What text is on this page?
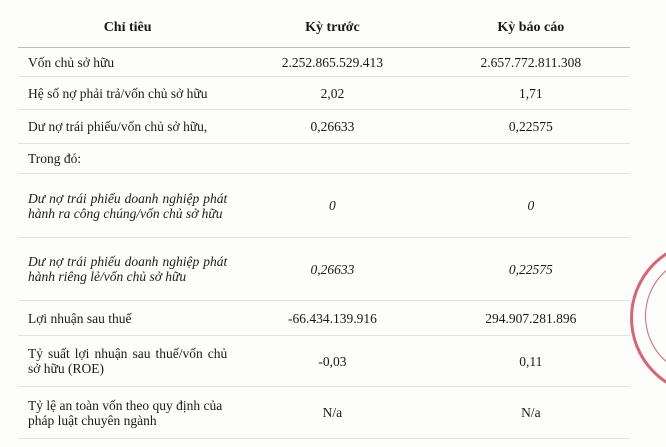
Chỉ tiêu	Kỳ trước	Kỳ báo cáo
Vốn chủ sở hữu	2.252.865.529.413	2.657.772.811.308
Hệ số nợ phải trả/vốn chủ sở hữu	2,02	1,71
Dư nợ trái phiếu/vốn chủ sở hữu,	0,26633	0,22575
Trong đó:		
Dư nợ trái phiếu doanh nghiệp phát hành ra công chúng/vốn chủ sở hữu	0	0
Dư nợ trái phiếu doanh nghiệp phát hành riêng lẻ/vốn chủ sở hữu	0,26633	0,22575
Lợi nhuận sau thuế	-66.434.139.916	294.907.281.896
Tỷ suất lợi nhuận sau thuế/vốn chủ sở hữu (ROE)	-0,03	0,11
Tỷ lệ an toàn vốn theo quy định của pháp luật chuyên ngành	N/a	N/a
